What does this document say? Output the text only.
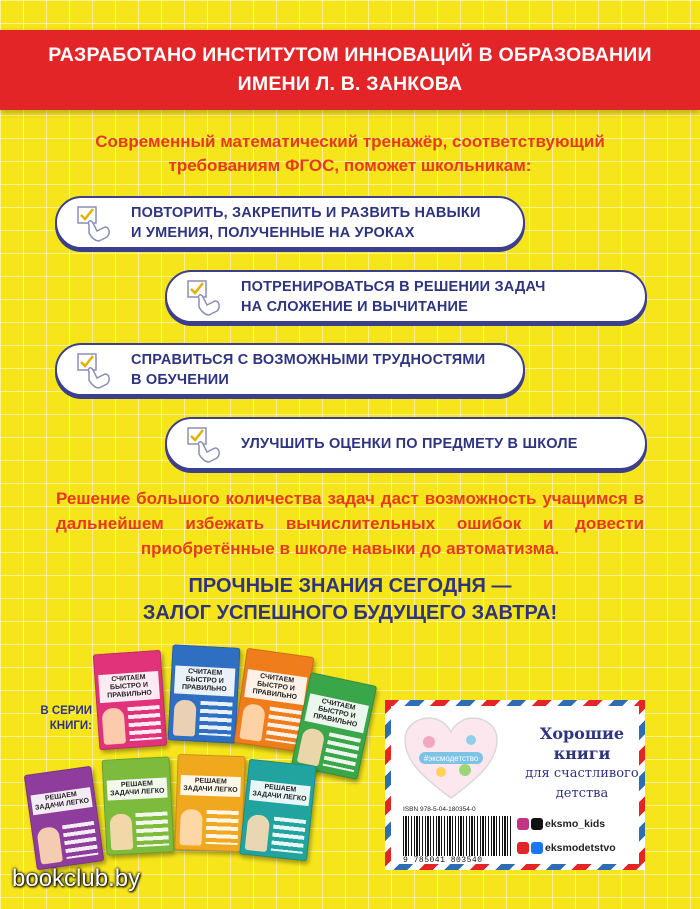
РАЗРАБОТАНО ИНСТИТУТОМ ИННОВАЦИЙ В ОБРАЗОВАНИИ
ИМЕНИ Л. В. ЗАНКОВА
Современный математический тренажёр, соответствующий
требованиям ФГОС, поможет школьникам:
ПОВТОРИТЬ, ЗАКРЕПИТЬ И РАЗВИТЬ НАВЫКИ
И УМЕНИЯ, ПОЛУЧЕННЫЕ НА УРОКАХ
ПОТРЕНИРОВАТЬСЯ В РЕШЕНИИ ЗАДАЧ
НА СЛОЖЕНИЕ И ВЫЧИТАНИЕ
СПРАВИТЬСЯ С ВОЗМОЖНЫМИ ТРУДНОСТЯМИ
В ОБУЧЕНИИ
УЛУЧШИТЬ ОЦЕНКИ ПО ПРЕДМЕТУ В ШКОЛЕ
Решение большого количества задач даст возможность учащимся в дальнейшем избежать вычислительных ошибок и довести приобретённые в школе навыки до автоматизма.
ПРОЧНЫЕ ЗНАНИЯ СЕГОДНЯ —
ЗАЛОГ УСПЕШНОГО БУДУЩЕГО ЗАВТРА!
В СЕРИИ
КНИГИ:
СЧИТАЕМ БЫСТРО И ПРАВИЛЬНО
СЧИТАЕМ БЫСТРО И ПРАВИЛЬНО
СЧИТАЕМ БЫСТРО И ПРАВИЛЬНО
СЧИТАЕМ БЫСТРО И ПРАВИЛЬНО
РЕШАЕМ ЗАДАЧИ ЛЕГКО
РЕШАЕМ ЗАДАЧИ ЛЕГКО
РЕШАЕМ ЗАДАЧИ ЛЕГКО	РЕШАЕМ ЗАДАЧИ ЛЕГКО
#эксмодетство
Хорошие
книги
для счастливого
детства
ISBN 978-5-04-180354-0
9 785041 803540
eksmo_kids
eksmodetstvo
bookclub.by
